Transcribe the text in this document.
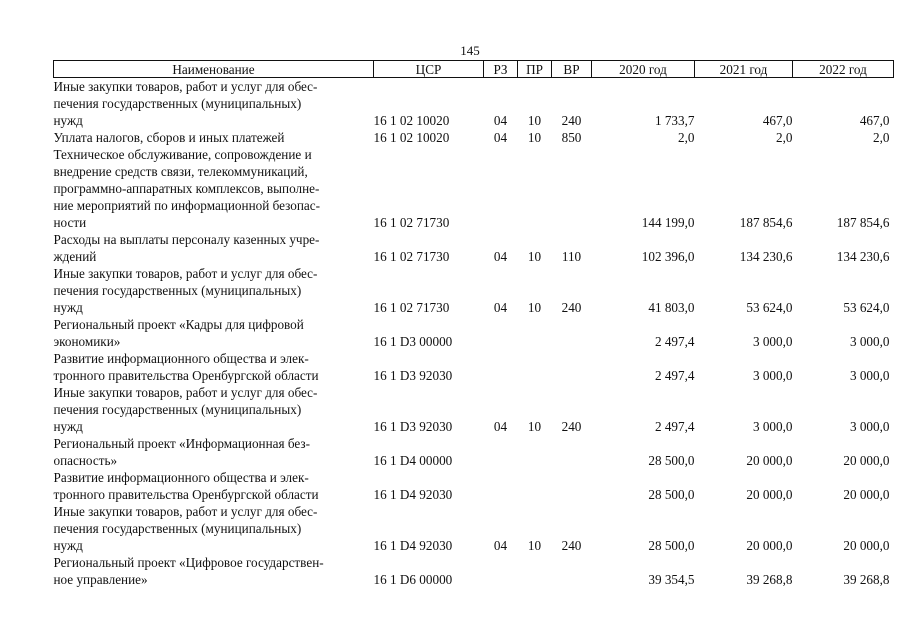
145
Наименование	ЦСР	РЗ	ПР	ВР	2020 год	2021 год	2022 год

Иные закупки товаров, работ и услуг для обес-
печения государственных (муниципальных)
нужд	16 1 02 10020	04	10	240	1 733,7	467,0	467,0

Уплата налогов, сборов и иных платежей	16 1 02 10020	04	10	850	2,0	2,0	2,0

Техническое обслуживание, сопровождение и
внедрение средств связи, телекоммуникаций,
программно-аппаратных комплексов, выполне-
ние мероприятий по информационной безопас-
ности	16 1 02 71730				144 199,0	187 854,6	187 854,6

Расходы на выплаты персоналу казенных учре-
ждений	16 1 02 71730	04	10	110	102 396,0	134 230,6	134 230,6

Иные закупки товаров, работ и услуг для обес-
печения государственных (муниципальных)
нужд	16 1 02 71730	04	10	240	41 803,0	53 624,0	53 624,0

Региональный проект «Кадры для цифровой
экономики»	16 1 D3 00000				2 497,4	3 000,0	3 000,0

Развитие информационного общества и элек-
тронного правительства Оренбургской области	16 1 D3 92030				2 497,4	3 000,0	3 000,0

Иные закупки товаров, работ и услуг для обес-
печения государственных (муниципальных)
нужд	16 1 D3 92030	04	10	240	2 497,4	3 000,0	3 000,0

Региональный проект «Информационная без-
опасность»	16 1 D4 00000				28 500,0	20 000,0	20 000,0

Развитие информационного общества и элек-
тронного правительства Оренбургской области	16 1 D4 92030				28 500,0	20 000,0	20 000,0

Иные закупки товаров, работ и услуг для обес-
печения государственных (муниципальных)
нужд	16 1 D4 92030	04	10	240	28 500,0	20 000,0	20 000,0

Региональный проект «Цифровое государствен-
ное управление»	16 1 D6 00000				39 354,5	39 268,8	39 268,8
